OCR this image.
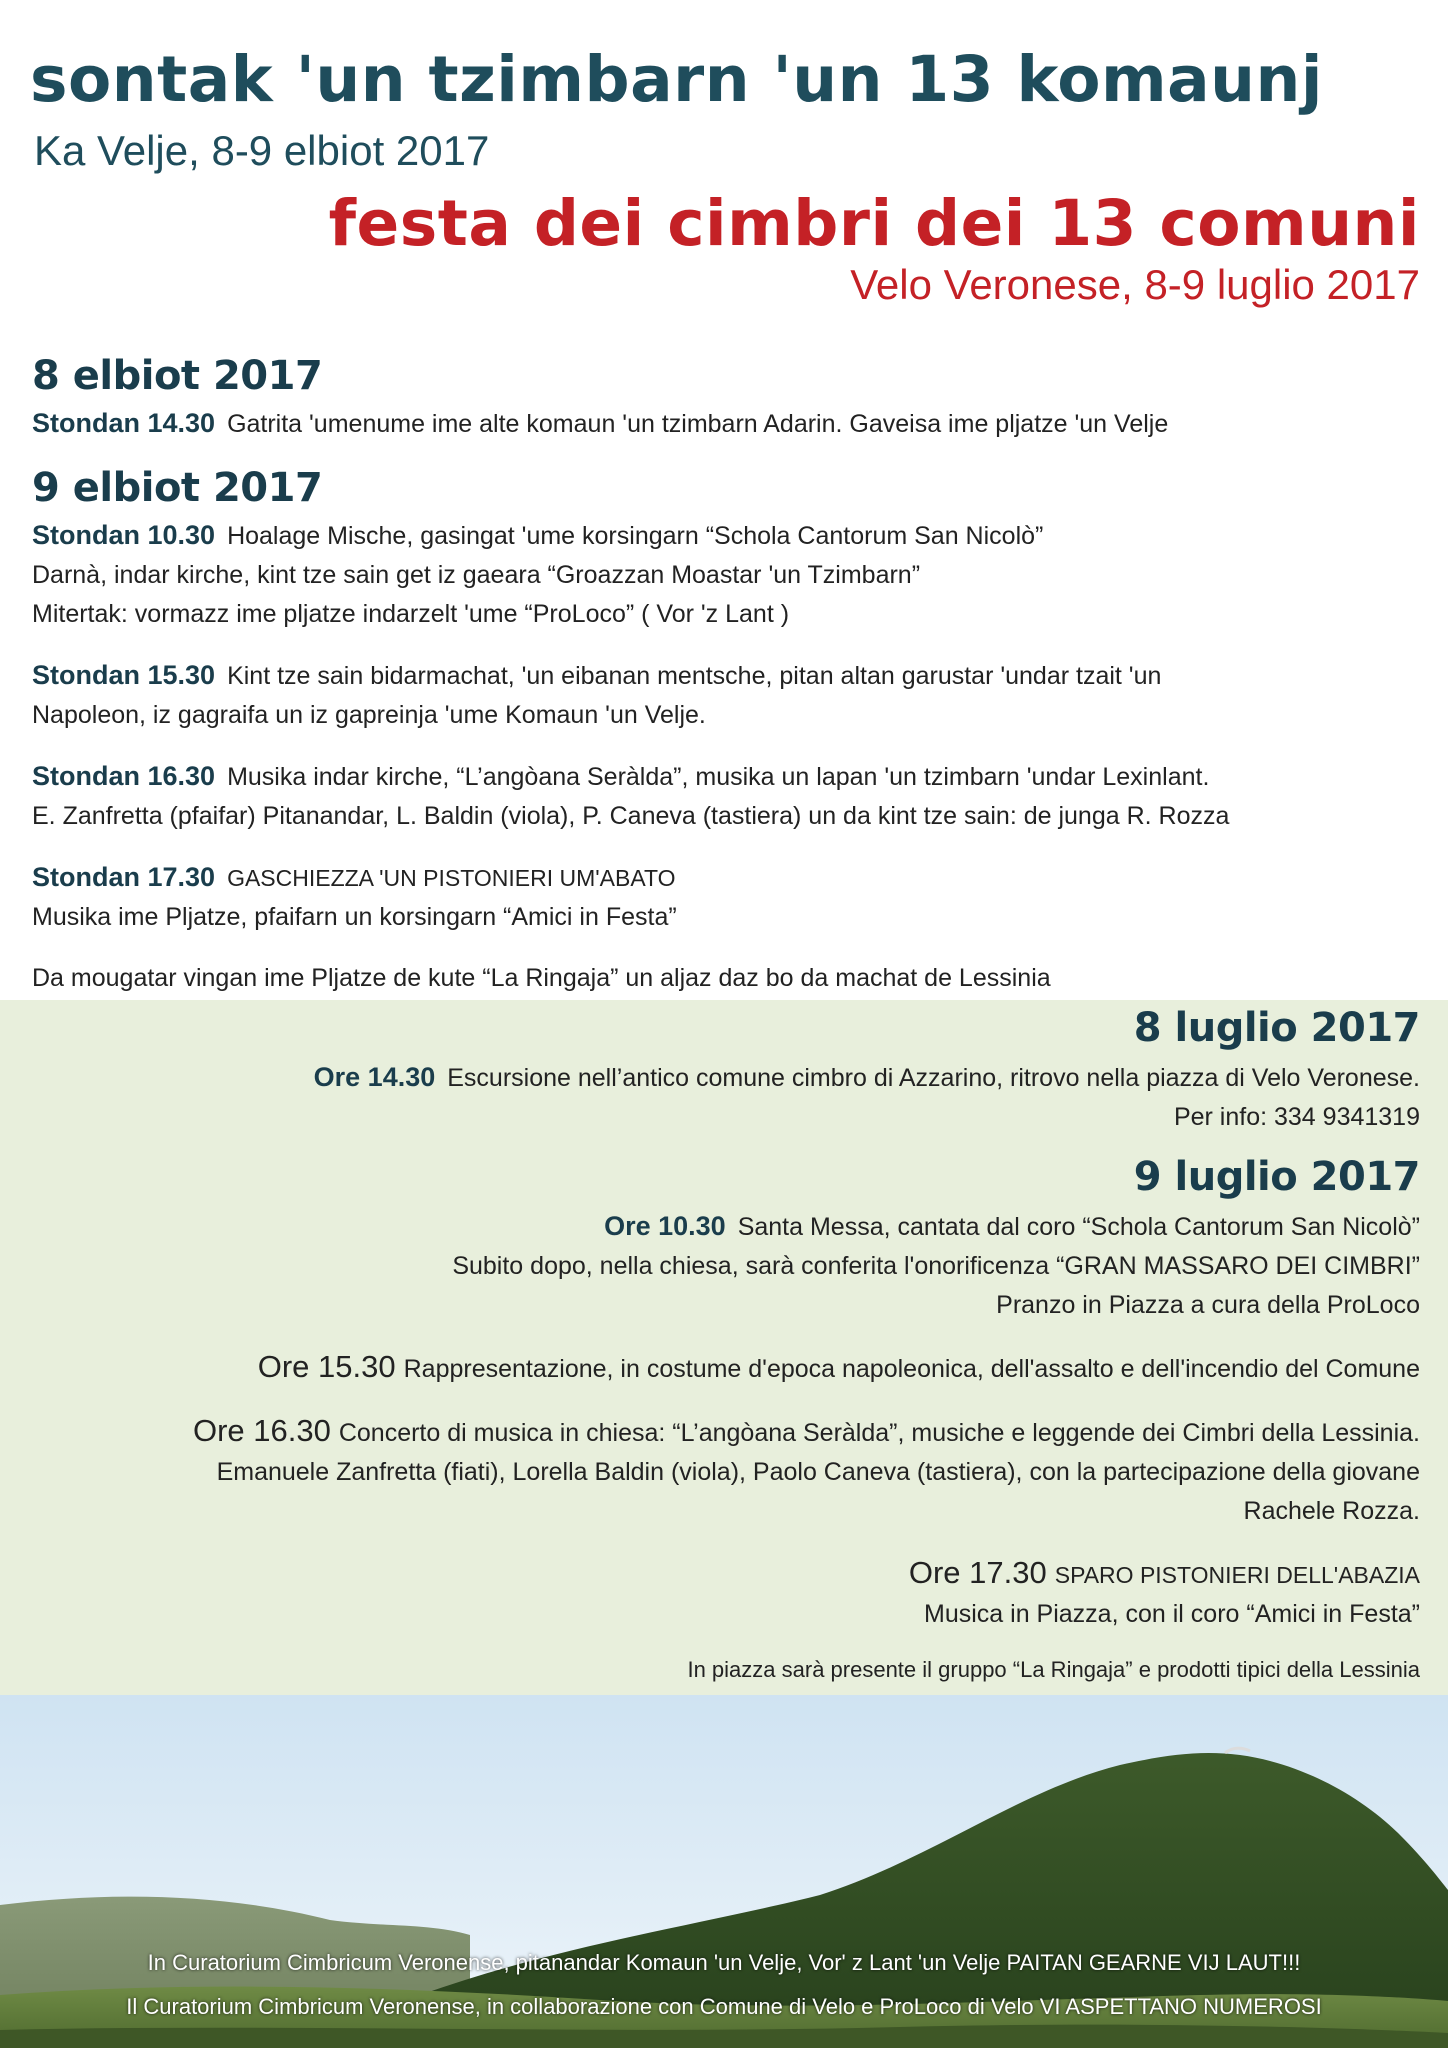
sontak 'un tzimbarn 'un 13 komaunj
Ka Velje, 8-9 elbiot 2017
festa dei cimbri dei 13 comuni
Velo Veronese, 8-9 luglio 2017
8 elbiot 2017
Stondan 14.30 Gatrita 'umenume ime alte komaun 'un tzimbarn Adarin. Gaveisa ime pljatze 'un Velje
9 elbiot 2017
Stondan 10.30 Hoalage Mische, gasingat 'ume korsingarn “Schola Cantorum San Nicolò”
Darnà, indar kirche, kint tze sain get iz gaeara “Groazzan Moastar 'un Tzimbarn”
Mitertak: vormazz ime pljatze indarzelt 'ume “ProLoco” ( Vor 'z Lant )
Stondan 15.30 Kint tze sain bidarmachat, 'un eibanan mentsche, pitan altan garustar 'undar tzait 'un
Napoleon, iz gagraifa un iz gapreinja 'ume Komaun 'un Velje.
Stondan 16.30 Musika indar kirche, “L’angòana Seràlda”, musika un lapan 'un tzimbarn 'undar Lexinlant.
E. Zanfretta (pfaifar) Pitanandar, L. Baldin (viola), P. Caneva (tastiera) un da kint tze sain: de junga R. Rozza
Stondan 17.30 GASCHIEZZA 'UN PISTONIERI UM'ABATO
Musika ime Pljatze, pfaifarn un korsingarn “Amici in Festa”
Da mougatar vingan ime Pljatze de kute “La Ringaja” un aljaz daz bo da machat de Lessinia
8 luglio 2017
Ore 14.30 Escursione nell’antico comune cimbro di Azzarino, ritrovo nella piazza di Velo Veronese.
Per info: 334 9341319
9 luglio 2017
Ore 10.30 Santa Messa, cantata dal coro “Schola Cantorum San Nicolò”
Subito dopo, nella chiesa, sarà conferita l'onorificenza “GRAN MASSARO DEI CIMBRI”
Pranzo in Piazza a cura della ProLoco
Ore 15.30 Rappresentazione, in costume d'epoca napoleonica, dell'assalto e dell'incendio del Comune
Ore 16.30 Concerto di musica in chiesa: “L’angòana Seràlda”, musiche e leggende dei Cimbri della Lessinia.
Emanuele Zanfretta (fiati), Lorella Baldin (viola), Paolo Caneva (tastiera), con la partecipazione della giovane
Rachele Rozza.
Ore 17.30 SPARO PISTONIERI DELL'ABAZIA
Musica in Piazza, con il coro “Amici in Festa”
In piazza sarà presente il gruppo “La Ringaja” e prodotti tipici della Lessinia
In Curatorium Cimbricum Veronense, pitanandar Komaun 'un Velje, Vor' z Lant 'un Velje PAITAN GEARNE VIJ LAUT!!!
Il Curatorium Cimbricum Veronense, in collaborazione con Comune di Velo e ProLoco di Velo VI ASPETTANO NUMEROSI
